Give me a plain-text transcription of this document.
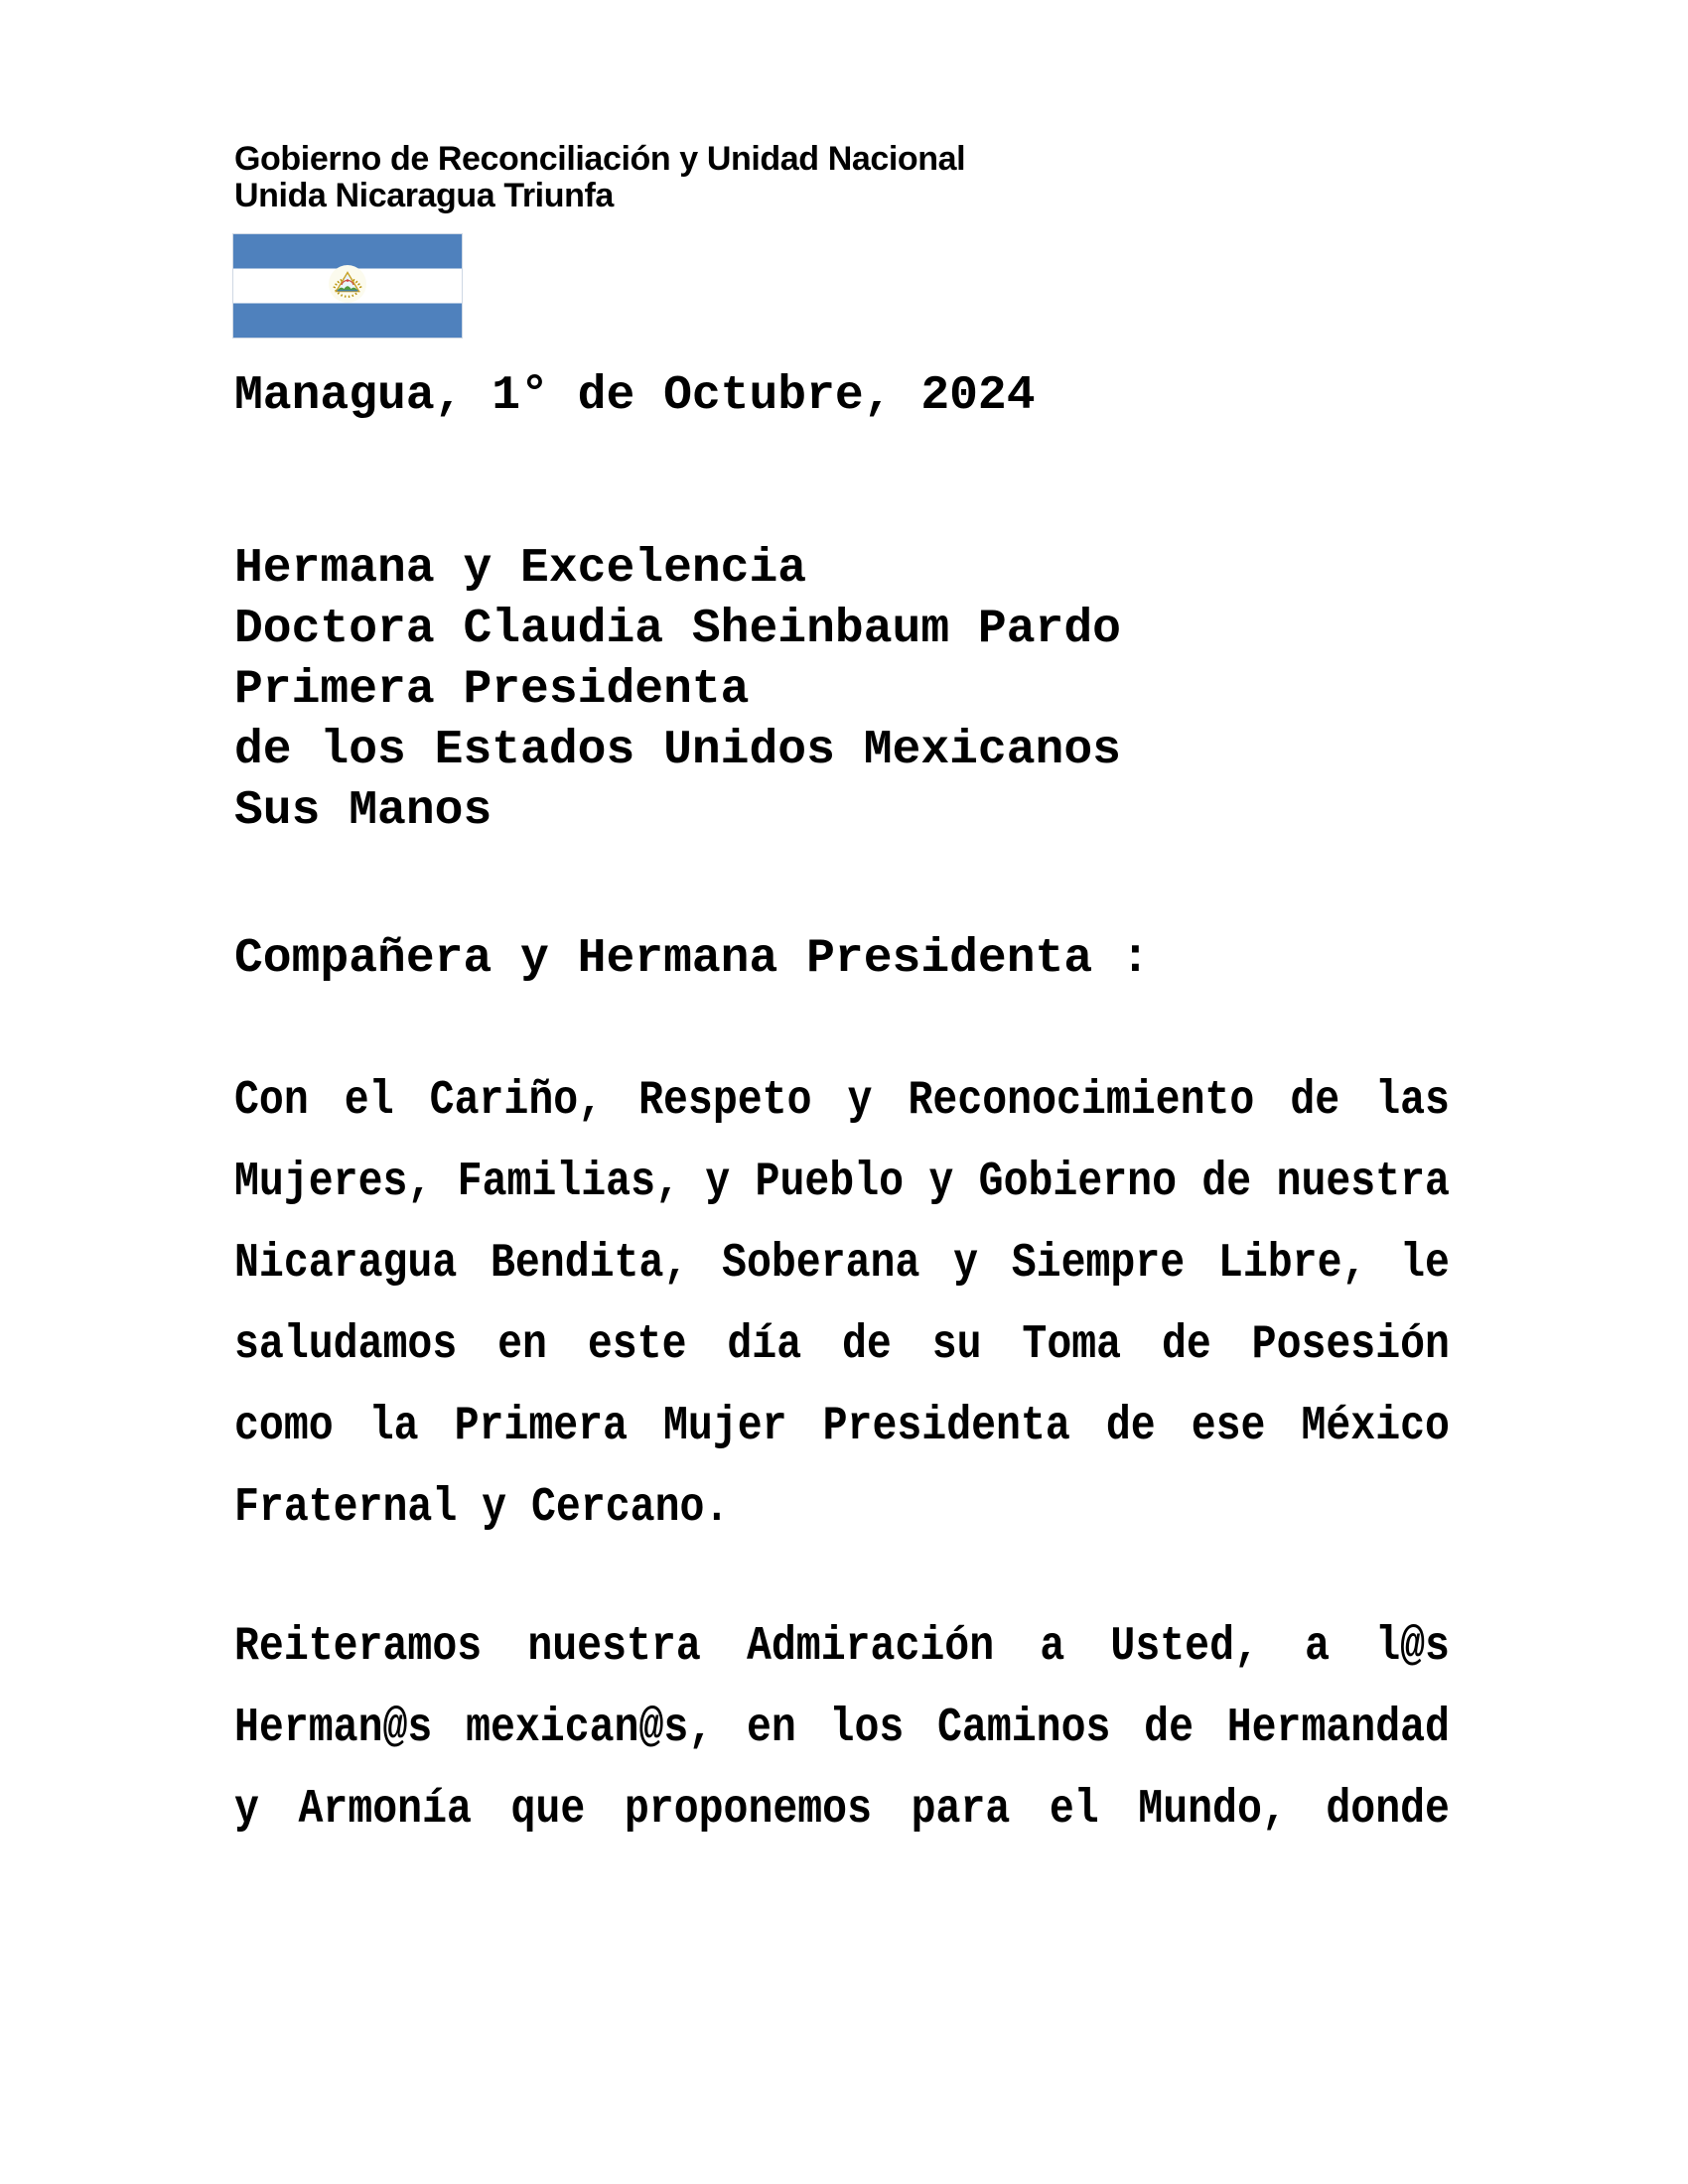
Gobierno de Reconciliación y Unidad Nacional
Unida Nicaragua Triunfa
Managua, 1° de Octubre, 2024
Hermana y Excelencia
Doctora Claudia Sheinbaum Pardo
Primera Presidenta
de los Estados Unidos Mexicanos
Sus Manos
Compañera y Hermana Presidenta :
Con el Cariño, Respeto y Reconocimiento de las
Mujeres, Familias, y Pueblo y Gobierno de nuestra
Nicaragua Bendita, Soberana y Siempre Libre, le
saludamos en este día de su Toma de Posesión
como la Primera Mujer Presidenta de ese México
Fraternal y Cercano.
Reiteramos nuestra Admiración a Usted, a l@s
Herman@s mexican@s, en los Caminos de Hermandad
y Armonía que proponemos para el Mundo, donde
